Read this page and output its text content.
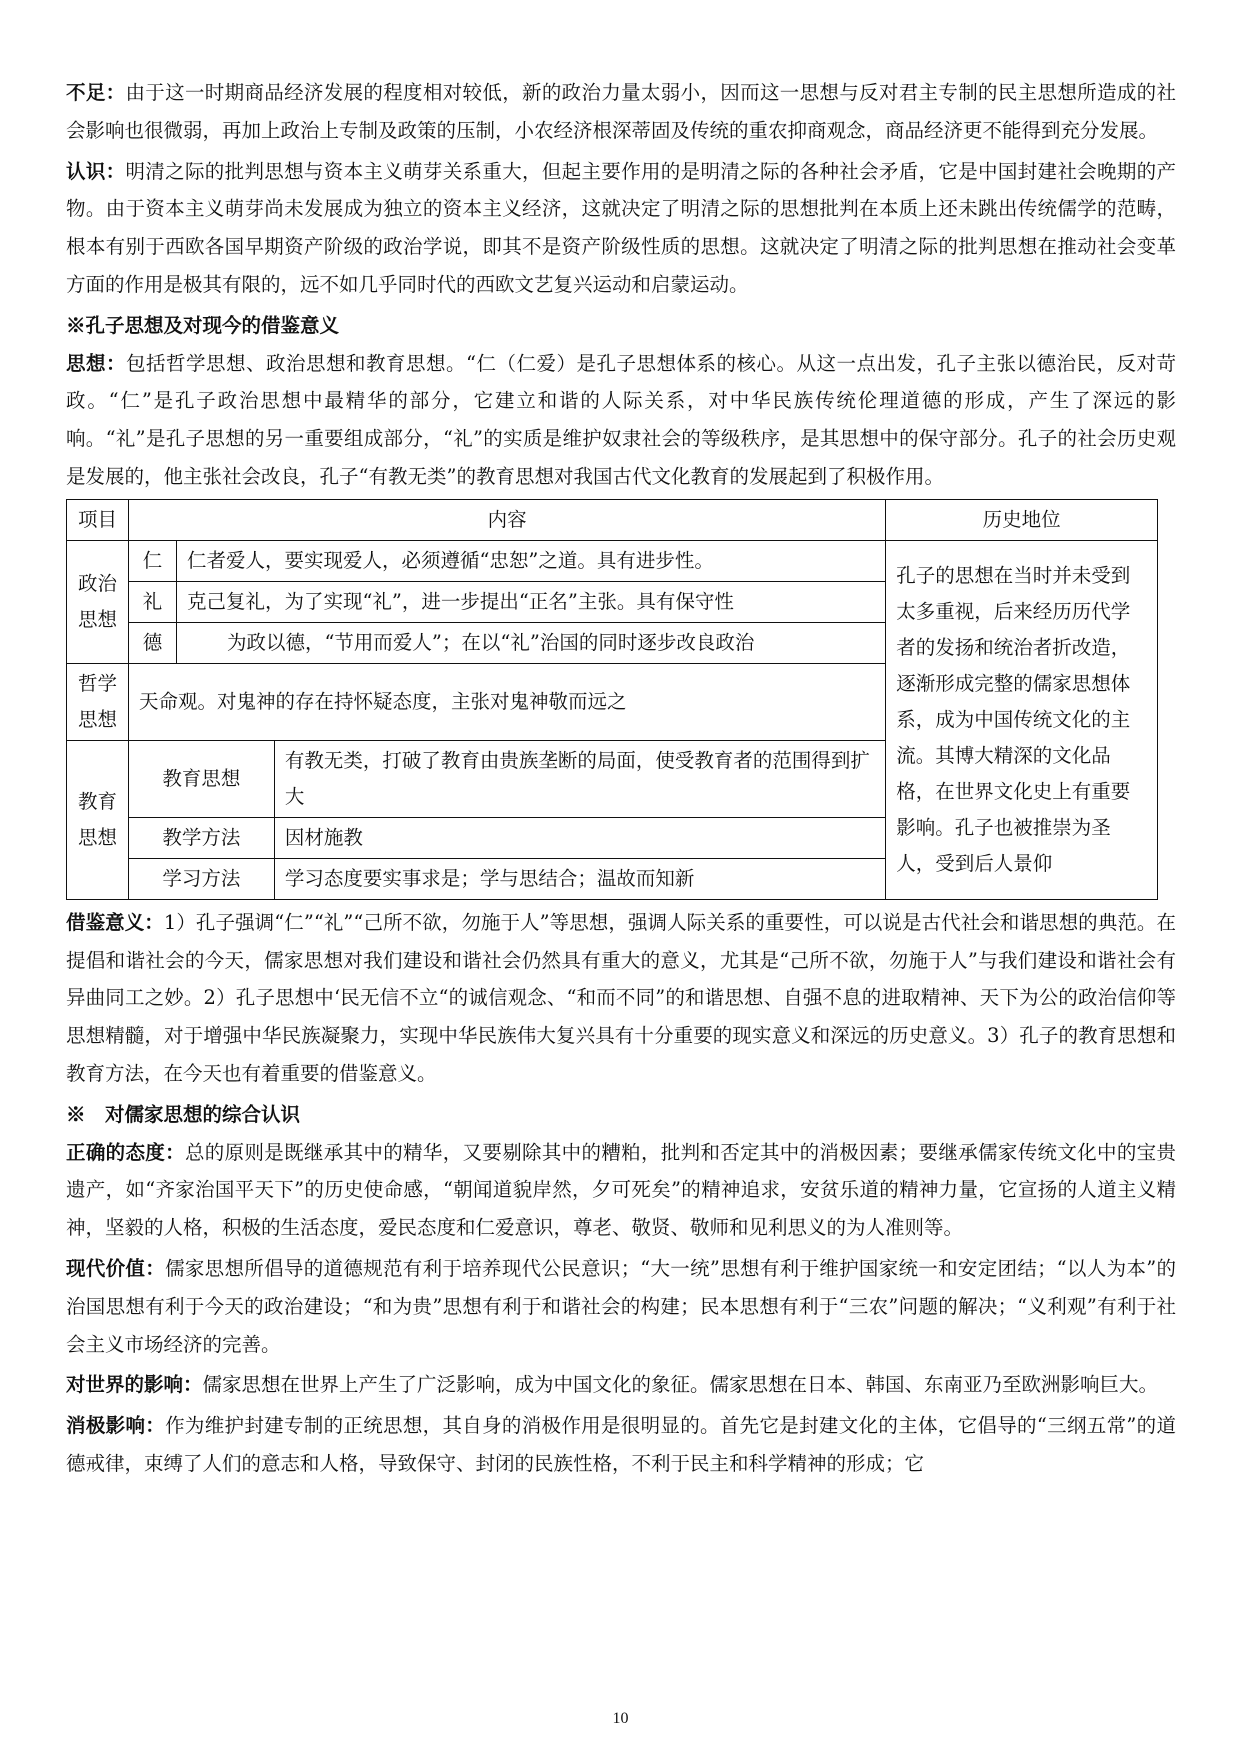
不足：由于这一时期商品经济发展的程度相对较低，新的政治力量太弱小，因而这一思想与反对君主专制的民主思想所造成的社会影响也很微弱，再加上政治上专制及政策的压制，小农经济根深蒂固及传统的重农抑商观念，商品经济更不能得到充分发展。

认识：明清之际的批判思想与资本主义萌芽关系重大，但起主要作用的是明清之际的各种社会矛盾，它是中国封建社会晚期的产物。由于资本主义萌芽尚未发展成为独立的资本主义经济，这就决定了明清之际的思想批判在本质上还未跳出传统儒学的范畴，根本有别于西欧各国早期资产阶级的政治学说，即其不是资产阶级性质的思想。这就决定了明清之际的批判思想在推动社会变革方面的作用是极其有限的，远不如几乎同时代的西欧文艺复兴运动和启蒙运动。

※孔子思想及对现今的借鉴意义

思想：包括哲学思想、政治思想和教育思想。“仁（仁爱）是孔子思想体系的核心。从这一点出发，孔子主张以德治民，反对苛政。“仁”是孔子政治思想中最精华的部分，它建立和谐的人际关系，对中华民族传统伦理道德的形成，产生了深远的影响。“礼”是孔子思想的另一重要组成部分，“礼”的实质是维护奴隶社会的等级秩序，是其思想中的保守部分。孔子的社会历史观是发展的，他主张社会改良，孔子“有教无类”的教育思想对我国古代文化教育的发展起到了积极作用。

项目	内容			历史地位
政治思想	仁	仁者爱人，要实现爱人，必须遵循“忠恕”之道。具有进步性。		孔子的思想在当时并未受到太多重视，后来经历历代学者的发扬和统治者折改造，逐渐形成完整的儒家思想体系，成为中国传统文化的主流。其博大精深的文化品格，在世界文化史上有重要影响。孔子也被推崇为圣人，受到后人景仰
	礼	克己复礼，为了实现“礼”，进一步提出“正名”主张。具有保守性		
	德	为政以德，“节用而爱人”；在以“礼”治国的同时逐步改良政治		
哲学思想	天命观。对鬼神的存在持怀疑态度，主张对鬼神敬而远之			
教育思想	教育思想		有教无类，打破了教育由贵族垄断的局面，使受教育者的范围得到扩大	
	教学方法		因材施教	
	学习方法		学习态度要实事求是；学与思结合；温故而知新	

借鉴意义：1）孔子强调“仁”“礼”“己所不欲，勿施于人”等思想，强调人际关系的重要性，可以说是古代社会和谐思想的典范。在提倡和谐社会的今天，儒家思想对我们建设和谐社会仍然具有重大的意义，尤其是“己所不欲，勿施于人”与我们建设和谐社会有异曲同工之妙。2）孔子思想中‘民无信不立“的诚信观念、“和而不同”的和谐思想、自强不息的进取精神、天下为公的政治信仰等思想精髓，对于增强中华民族凝聚力，实现中华民族伟大复兴具有十分重要的现实意义和深远的历史意义。3）孔子的教育思想和教育方法，在今天也有着重要的借鉴意义。

※　对儒家思想的综合认识

正确的态度：总的原则是既继承其中的精华，又要剔除其中的糟粕，批判和否定其中的消极因素；要继承儒家传统文化中的宝贵遗产，如“齐家治国平天下”的历史使命感，“朝闻道貌岸然，夕可死矣”的精神追求，安贫乐道的精神力量，它宣扬的人道主义精神，坚毅的人格，积极的生活态度，爱民态度和仁爱意识，尊老、敬贤、敬师和见利思义的为人准则等。

现代价值：儒家思想所倡导的道德规范有利于培养现代公民意识；“大一统”思想有利于维护国家统一和安定团结；“以人为本”的治国思想有利于今天的政治建设；“和为贵”思想有利于和谐社会的构建；民本思想有利于“三农”问题的解决；“义利观”有利于社会主义市场经济的完善。

对世界的影响：儒家思想在世界上产生了广泛影响，成为中国文化的象征。儒家思想在日本、韩国、东南亚乃至欧洲影响巨大。

消极影响：作为维护封建专制的正统思想，其自身的消极作用是很明显的。首先它是封建文化的主体，它倡导的“三纲五常”的道德戒律，束缚了人们的意志和人格，导致保守、封闭的民族性格，不利于民主和科学精神的形成；它

10
